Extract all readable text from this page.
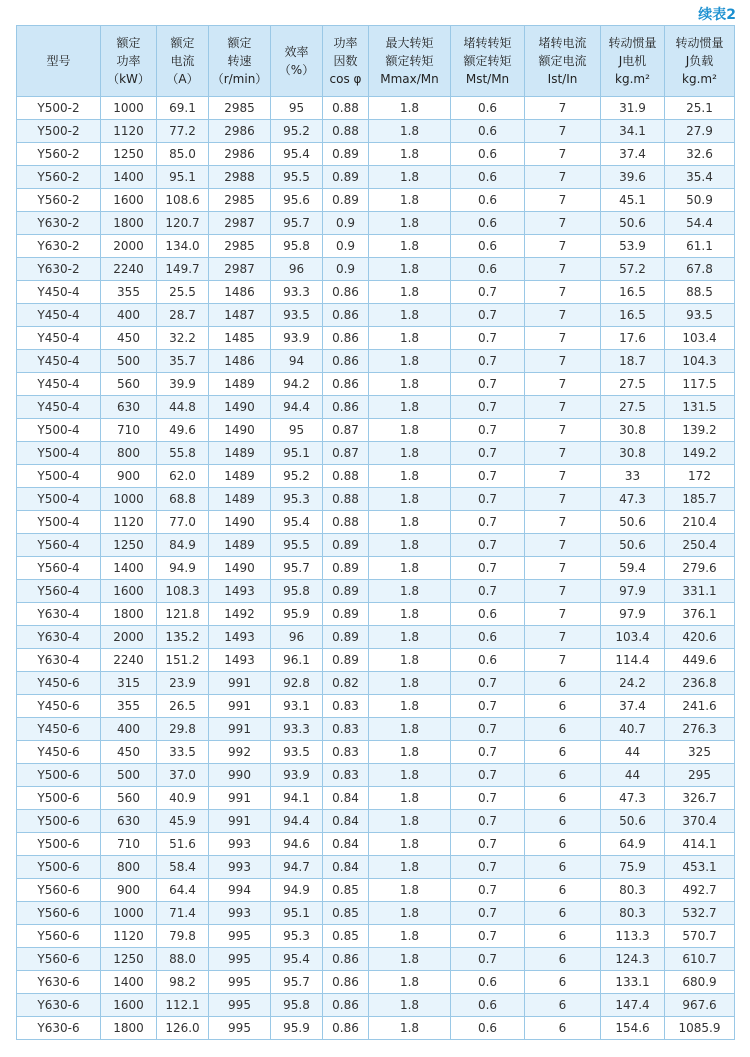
续表2
型号	额定
功率
（kW）	额定
电流
（A）	额定
转速
（r/min）	效率
（%）	功率
因数
cos φ	最大转矩
额定转矩
Mmax/Mn	堵转转矩
额定转矩
Mst/Mn	堵转电流
额定电流
Ist/In	转动惯量
J电机
kg.m²	转动惯量
J负载
kg.m²

Y500-2	1000	69.1	2985	95	0.88	1.8	0.6	7	31.9	25.1
Y500-2	1120	77.2	2986	95.2	0.88	1.8	0.6	7	34.1	27.9
Y560-2	1250	85.0	2986	95.4	0.89	1.8	0.6	7	37.4	32.6
Y560-2	1400	95.1	2988	95.5	0.89	1.8	0.6	7	39.6	35.4
Y560-2	1600	108.6	2985	95.6	0.89	1.8	0.6	7	45.1	50.9
Y630-2	1800	120.7	2987	95.7	0.9	1.8	0.6	7	50.6	54.4
Y630-2	2000	134.0	2985	95.8	0.9	1.8	0.6	7	53.9	61.1
Y630-2	2240	149.7	2987	96	0.9	1.8	0.6	7	57.2	67.8
Y450-4	355	25.5	1486	93.3	0.86	1.8	0.7	7	16.5	88.5
Y450-4	400	28.7	1487	93.5	0.86	1.8	0.7	7	16.5	93.5
Y450-4	450	32.2	1485	93.9	0.86	1.8	0.7	7	17.6	103.4
Y450-4	500	35.7	1486	94	0.86	1.8	0.7	7	18.7	104.3
Y450-4	560	39.9	1489	94.2	0.86	1.8	0.7	7	27.5	117.5
Y450-4	630	44.8	1490	94.4	0.86	1.8	0.7	7	27.5	131.5
Y500-4	710	49.6	1490	95	0.87	1.8	0.7	7	30.8	139.2
Y500-4	800	55.8	1489	95.1	0.87	1.8	0.7	7	30.8	149.2
Y500-4	900	62.0	1489	95.2	0.88	1.8	0.7	7	33	172
Y500-4	1000	68.8	1489	95.3	0.88	1.8	0.7	7	47.3	185.7
Y500-4	1120	77.0	1490	95.4	0.88	1.8	0.7	7	50.6	210.4
Y560-4	1250	84.9	1489	95.5	0.89	1.8	0.7	7	50.6	250.4
Y560-4	1400	94.9	1490	95.7	0.89	1.8	0.7	7	59.4	279.6
Y560-4	1600	108.3	1493	95.8	0.89	1.8	0.7	7	97.9	331.1
Y630-4	1800	121.8	1492	95.9	0.89	1.8	0.6	7	97.9	376.1
Y630-4	2000	135.2	1493	96	0.89	1.8	0.6	7	103.4	420.6
Y630-4	2240	151.2	1493	96.1	0.89	1.8	0.6	7	114.4	449.6
Y450-6	315	23.9	991	92.8	0.82	1.8	0.7	6	24.2	236.8
Y450-6	355	26.5	991	93.1	0.83	1.8	0.7	6	37.4	241.6
Y450-6	400	29.8	991	93.3	0.83	1.8	0.7	6	40.7	276.3
Y450-6	450	33.5	992	93.5	0.83	1.8	0.7	6	44	325
Y500-6	500	37.0	990	93.9	0.83	1.8	0.7	6	44	295
Y500-6	560	40.9	991	94.1	0.84	1.8	0.7	6	47.3	326.7
Y500-6	630	45.9	991	94.4	0.84	1.8	0.7	6	50.6	370.4
Y500-6	710	51.6	993	94.6	0.84	1.8	0.7	6	64.9	414.1
Y500-6	800	58.4	993	94.7	0.84	1.8	0.7	6	75.9	453.1
Y560-6	900	64.4	994	94.9	0.85	1.8	0.7	6	80.3	492.7
Y560-6	1000	71.4	993	95.1	0.85	1.8	0.7	6	80.3	532.7
Y560-6	1120	79.8	995	95.3	0.85	1.8	0.7	6	113.3	570.7
Y560-6	1250	88.0	995	95.4	0.86	1.8	0.7	6	124.3	610.7
Y630-6	1400	98.2	995	95.7	0.86	1.8	0.6	6	133.1	680.9
Y630-6	1600	112.1	995	95.8	0.86	1.8	0.6	6	147.4	967.6
Y630-6	1800	126.0	995	95.9	0.86	1.8	0.6	6	154.6	1085.9
